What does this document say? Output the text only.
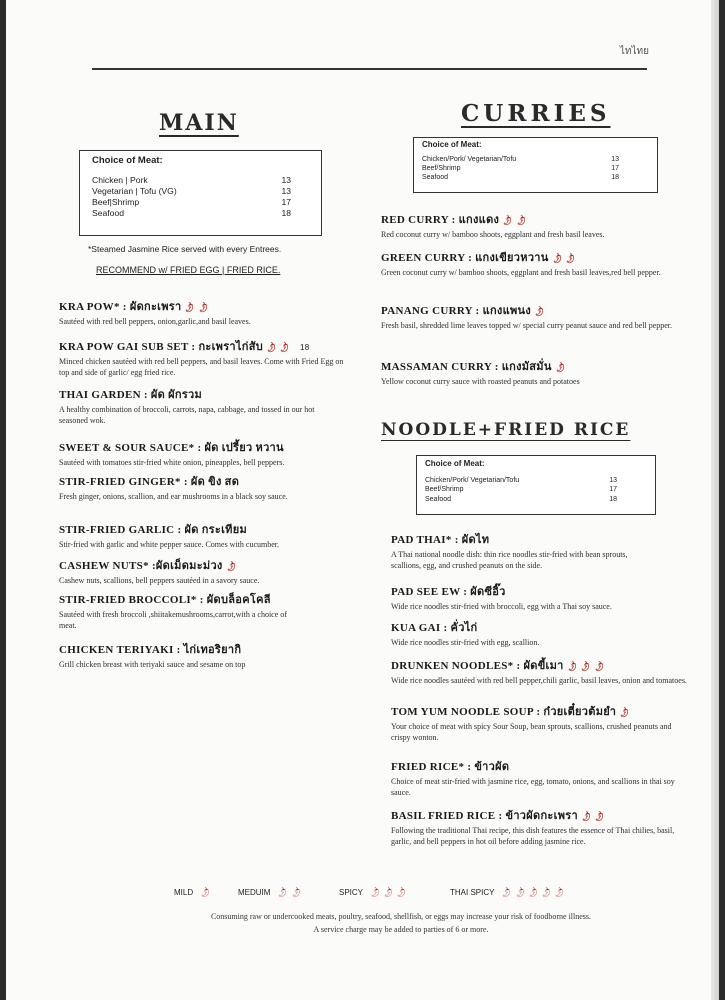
ไทไทย
MAIN
Choice of Meat:
Chicken | Pork	13
Vegetarian | Tofu (VG)	13
Beef|Shrimp	17
Seafood	18
*Steamed Jasmine Rice served with every Entrees.
RECOMMEND w/ FRIED EGG | FRIED RICE.
KRA POW* : ผัดกะเพรา🌶🌶
Sautéed with red bell peppers, onion,garlic,and basil leaves.
KRA POW GAI SUB SET : กะเพราไก่สับ🌶🌶 18
Minced chicken sautéed with red bell peppers, and basil leaves. Come with Fried Egg on top and side of garlic/ egg fried rice.
THAI GARDEN : ผัด ผักรวม
A healthy combination of broccoli, carrots, napa, cabbage, and tossed in our hot seasoned wok.
SWEET & SOUR SAUCE* : ผัด เปรี้ยว หวาน
Sautéed with tomatoes stir-fried white onion, pineapples, bell peppers.
STIR-FRIED GINGER* : ผัด ขิง สด
Fresh ginger, onions, scallion, and ear mushrooms in a black soy sauce.
STIR-FRIED GARLIC : ผัด กระเทียม
Stir-fried with garlic and white pepper sauce. Comes with cucumber.
CASHEW NUTS* :ผัดเม็ดมะม่วง🌶
Cashew nuts, scallions, bell peppers sautéed in a savory sauce.
STIR-FRIED BROCCOLI* : ผัดบล็อคโคลี
Sautéed with fresh broccoli ,shiitakemushrooms,carrot,with a choice of meat.
CHICKEN TERIYAKI : ไก่เทอริยากิ
Grill chicken breast with teriyaki sauce and sesame on top
CURRIES
Choice of Meat:
Chicken/Pork/ Vegetarian/Tofu	13
Beef/Shrimp	17
Seafood	18
RED CURRY : แกงแดง🌶🌶
Red coconut curry w/ bamboo shoots, eggplant and fresh basil leaves.
GREEN CURRY : แกงเขียวหวาน🌶🌶
Green coconut curry w/ bamboo shoots, eggplant and fresh basil leaves,red bell pepper.
PANANG CURRY : แกงแพนง🌶
Fresh basil, shredded lime leaves topped w/ special curry peanut sauce and red bell pepper.
MASSAMAN CURRY : แกงมัสมั่น🌶
Yellow coconut curry sauce with roasted peanuts and potatoes
NOODLE+FRIED RICE
Choice of Meat:
Chicken/Pork/ Vegetarian/Tofu	13
Beef/Shrimp	17
Seafood	18
PAD THAI* : ผัดไท
A Thai national noodle dish: thin rice noodles stir-fried with bean sprouts, scallions, egg, and crushed peanuts on the side.
PAD SEE EW : ผัดซีอิ๊ว
Wide rice noodles stir-fried with broccoli, egg with a Thai soy sauce.
KUA GAI : คั่วไก่
Wide rice noodles stir-fried with egg, scallion.
DRUNKEN NOODLES* : ผัดขี้เมา🌶🌶🌶
Wide rice noodles sautéed with red bell pepper,chili garlic, basil leaves, onion and tomatoes.
TOM YUM NOODLE SOUP : ก๋วยเตี๋ยวต้มยำ🌶
Your choice of meat with spicy Sour Soup, bean sprouts, scallions, crushed peanuts and crispy wonton.
FRIED RICE* : ข้าวผัด
Choice of meat stir-fried with jasmine rice, egg, tomato, onions, and scallions in thai soy sauce.
BASIL FRIED RICE : ข้าวผัดกะเพรา🌶🌶
Following the traditional Thai recipe, this dish features the essence of Thai chilies, basil, garlic, and bell peppers in hot oil before adding jasmine rice.
MILD 🌶	MEDUIM 🌶🌶	SPICY 🌶🌶🌶	THAI SPICY 🌶🌶🌶🌶🌶
Consuming raw or undercooked meats, poultry, seafood, shellfish, or eggs may increase your risk of foodborne illness.
A service charge may be added to parties of 6 or more.
